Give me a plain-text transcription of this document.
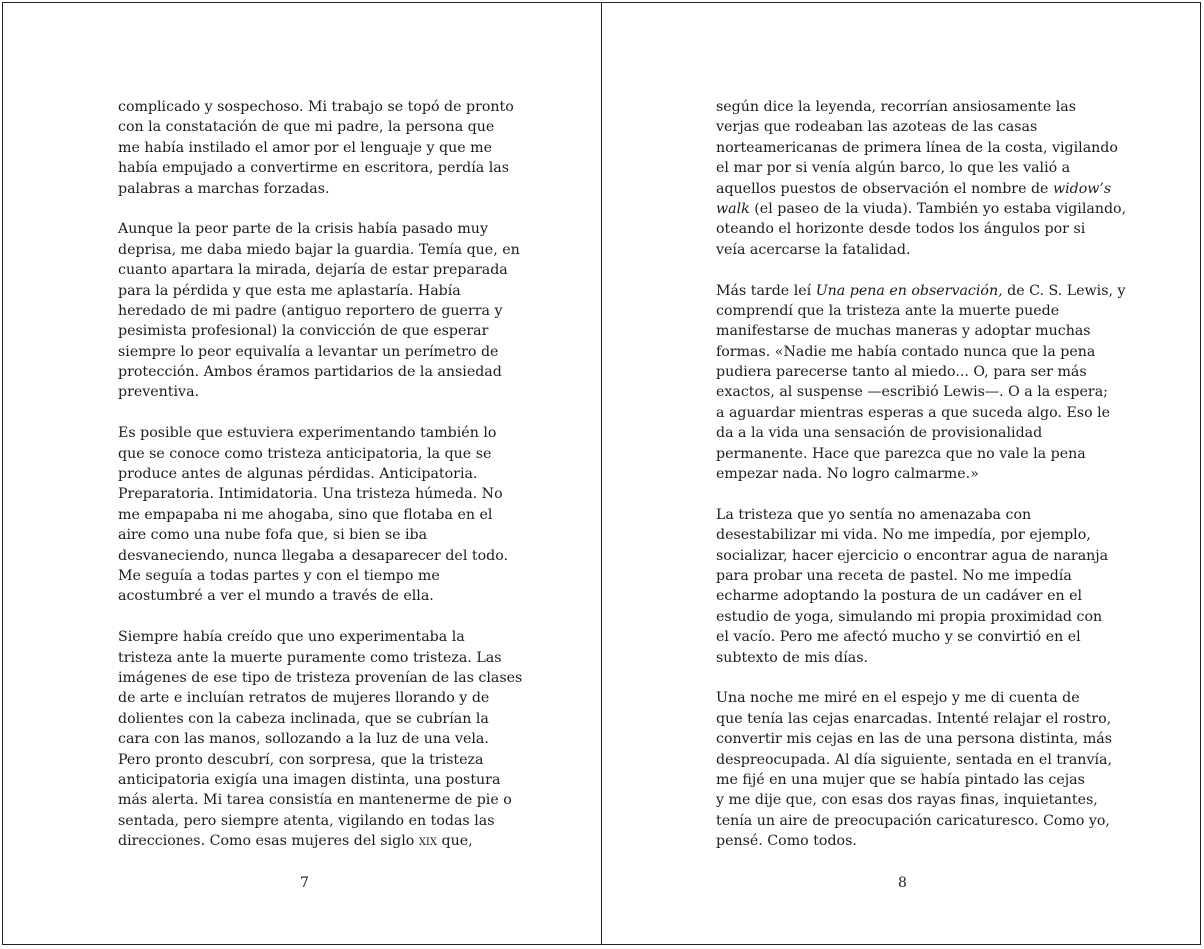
complicado y sospechoso. Mi trabajo se topó de pronto
con la constatación de que mi padre, la persona que
me había instilado el amor por el lenguaje y que me
había empujado a convertirme en escritora, perdía las
palabras a marchas forzadas.
Aunque la peor parte de la crisis había pasado muy
deprisa, me daba miedo bajar la guardia. Temía que, en
cuanto apartara la mirada, dejaría de estar preparada
para la pérdida y que esta me aplastaría. Había
heredado de mi padre (antiguo reportero de guerra y
pesimista profesional) la convicción de que esperar
siempre lo peor equivalía a levantar un perímetro de
protección. Ambos éramos partidarios de la ansiedad
preventiva.
Es posible que estuviera experimentando también lo
que se conoce como tristeza anticipatoria, la que se
produce antes de algunas pérdidas. Anticipatoria.
Preparatoria. Intimidatoria. Una tristeza húmeda. No
me empapaba ni me ahogaba, sino que flotaba en el
aire como una nube fofa que, si bien se iba
desvaneciendo, nunca llegaba a desaparecer del todo.
Me seguía a todas partes y con el tiempo me
acostumbré a ver el mundo a través de ella.
Siempre había creído que uno experimentaba la
tristeza ante la muerte puramente como tristeza. Las
imágenes de ese tipo de tristeza provenían de las clases
de arte e incluían retratos de mujeres llorando y de
dolientes con la cabeza inclinada, que se cubrían la
cara con las manos, sollozando a la luz de una vela.
Pero pronto descubrí, con sorpresa, que la tristeza
anticipatoria exigía una imagen distinta, una postura
más alerta. Mi tarea consistía en mantenerme de pie o
sentada, pero siempre atenta, vigilando en todas las
direcciones. Como esas mujeres del siglo xix que,
7
según dice la leyenda, recorrían ansiosamente las
verjas que rodeaban las azoteas de las casas
norteamericanas de primera línea de la costa, vigilando
el mar por si venía algún barco, lo que les valió a
aquellos puestos de observación el nombre de widow’s
walk (el paseo de la viuda). También yo estaba vigilando,
oteando el horizonte desde todos los ángulos por si
veía acercarse la fatalidad.
Más tarde leí Una pena en observación, de C. S. Lewis, y
comprendí que la tristeza ante la muerte puede
manifestarse de muchas maneras y adoptar muchas
formas. «Nadie me había contado nunca que la pena
pudiera parecerse tanto al miedo... O, para ser más
exactos, al suspense —escribió Lewis—. O a la espera;
a aguardar mientras esperas a que suceda algo. Eso le
da a la vida una sensación de provisionalidad
permanente. Hace que parezca que no vale la pena
empezar nada. No logro calmarme.»
La tristeza que yo sentía no amenazaba con
desestabilizar mi vida. No me impedía, por ejemplo,
socializar, hacer ejercicio o encontrar agua de naranja
para probar una receta de pastel. No me impedía
echarme adoptando la postura de un cadáver en el
estudio de yoga, simulando mi propia proximidad con
el vacío. Pero me afectó mucho y se convirtió en el
subtexto de mis días.
Una noche me miré en el espejo y me di cuenta de
que tenía las cejas enarcadas. Intenté relajar el rostro,
convertir mis cejas en las de una persona distinta, más
despreocupada. Al día siguiente, sentada en el tranvía,
me fijé en una mujer que se había pintado las cejas
y me dije que, con esas dos rayas finas, inquietantes,
tenía un aire de preocupación caricaturesco. Como yo,
pensé. Como todos.
8
